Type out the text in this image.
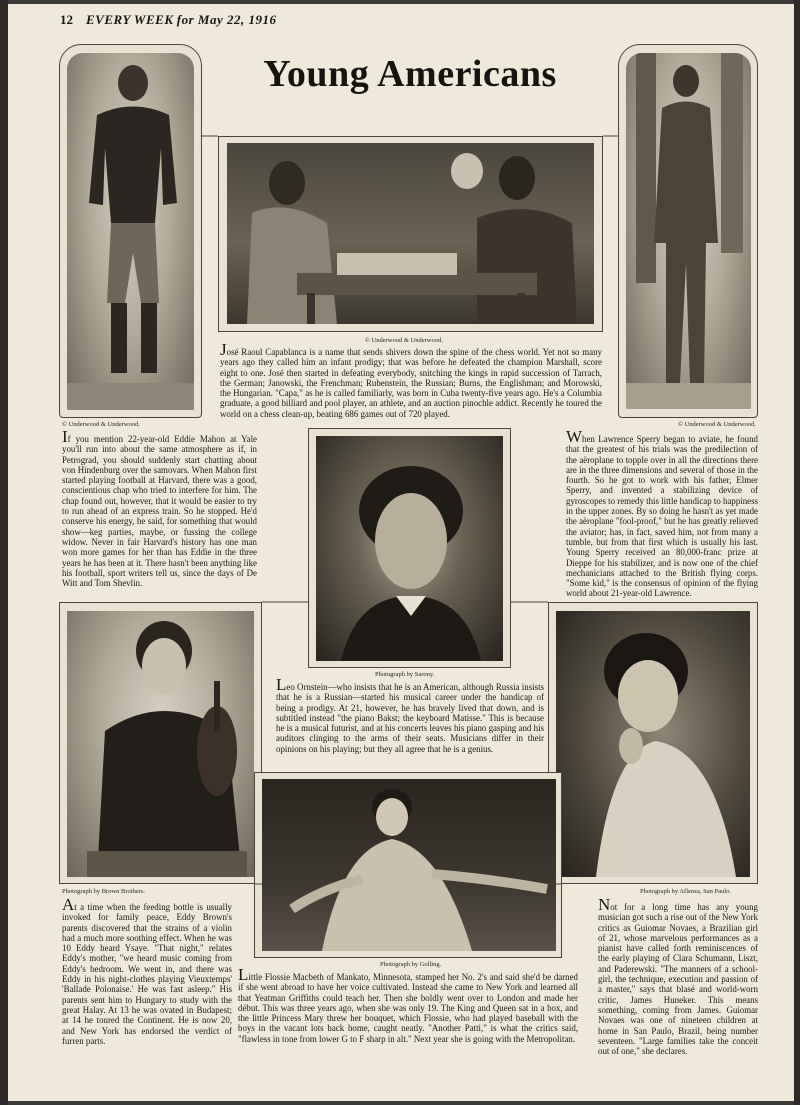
12 EVERY WEEK for May 22, 1916
Young Americans
© Underwood & Underwood.	© Underwood & Underwood.
© Underwood & Underwood.
José Raoul Capablanca is a name that sends shivers down the spine of the chess world. Yet not so many years ago they called him an infant prodigy; that was before he defeated the champion Marshall, score eight to one. José then started in defeating everybody, snitching the kings in rapid succession of Tarrach, the German; Janowski, the Frenchman; Rubenstein, the Russian; Burns, the Englishman; and Morowski, the Hungarian. "Capa," as he is called familiarly, was born in Cuba twenty-five years ago. He's a Columbia graduate, a good billiard and pool player, an athlete, and an auction pinochle addict. Recently he toured the world on a chess clean-up, beating 686 games out of 720 played.
If you mention 22-year-old Eddie Mahon at Yale you'll run into about the same atmosphere as if, in Petrograd, you should suddenly start chatting about von Hindenburg over the samovars. When Mahon first started playing football at Harvard, there was a good, conscientious chap who tried to interfere for him. The chap found out, however, that it would be easier to try to run ahead of an express train. So he stopped. He'd conserve his energy, he said, for something that would show—keg parties, maybe, or fussing the college widow. Never in fair Harvard's history has one man won more games for her than has Eddie in the three years he has been at it. There hasn't been anything like his football, sport writers tell us, since the days of De Witt and Tom Shevlin.
When Lawrence Sperry began to aviate, he found that the greatest of his trials was the predilection of the aëroplane to topple over in all the directions there are in the three dimensions and several of those in the fourth. So he got to work with his father, Elmer Sperry, and invented a stabilizing device of gyroscopes to remedy this little handicap to happiness in the upper zones. By so doing he hasn't as yet made the aëroplane "fool-proof," but he has greatly relieved the aviator; has, in fact, saved him, not from many a tumble, but from that first which is usually his last. Young Sperry received an 80,000-franc prize at Dieppe for his stabilizer, and is now one of the chief mechanicians attached to the British flying corps. "Some kid," is the consensus of opinion of the flying world about 21-year-old Lawrence.
Photograph by Sarony.
Leo Ornstein—who insists that he is an American, although Russia insists that he is a Russian—started his musical career under the handicap of being a prodigy. At 21, however, he has bravely lived that down, and is subtitled instead "the piano Bakst; the keyboard Matisse." This is because he is a musical futurist, and at his concerts leaves his piano gasping and his auditors clinging to the arms of their seats. Musicians differ in their opinions on his playing; but they all agree that he is a genius.
Photograph by Brown Brothers.
At a time when the feeding bottle is usually invoked for family peace, Eddy Brown's parents discovered that the strains of a violin had a much more soothing effect. When he was 10 Eddy heard Ysaye. "That night," relates Eddy's mother, "we heard music coming from Eddy's bedroom. We went in, and there was Eddy in his night-clothes playing Vieuxtemps' 'Ballade Polonaise.' He was fast asleep." His parents sent him to Hungary to study with the great Halay. At 13 he was ovated in Budapest; at 14 he toured the Continent. He is now 20, and New York has endorsed the verdict of furren parts.
Photograph by Aflenza, San Paulo.
Not for a long time has any young musician got such a rise out of the New York critics as Guiomar Novaes, a Brazilian girl of 21, whose marvelous performances as a pianist have called forth reminiscences of the early playing of Clara Schumann, Liszt, and Paderewski. "The manners of a school-girl, the technique, execution and passion of a master," says that blasé and world-worn critic, James Huneker. This means something, coming from James. Guiomar Novaes was one of nineteen children at home in San Paulo, Brazil, being number seventeen. "Large families take the conceit out of one," she declares.
Photograph by Golling.
Little Flossie Macbeth of Mankato, Minnesota, stamped her No. 2's and said she'd be darned if she went abroad to have her voice cultivated. Instead she came to New York and learned all that Yeatman Griffiths could teach her. Then she boldly went over to London and made her début. This was three years ago, when she was only 19. The King and Queen sat in a box, and the little Princess Mary threw her bouquet, which Flossie, who had played baseball with the boys in the vacant lots back home, caught neatly. "Another Patti," is what the critics said, "flawless in tone from lower G to F sharp in alt." Next year she is going with the Metropolitan.
